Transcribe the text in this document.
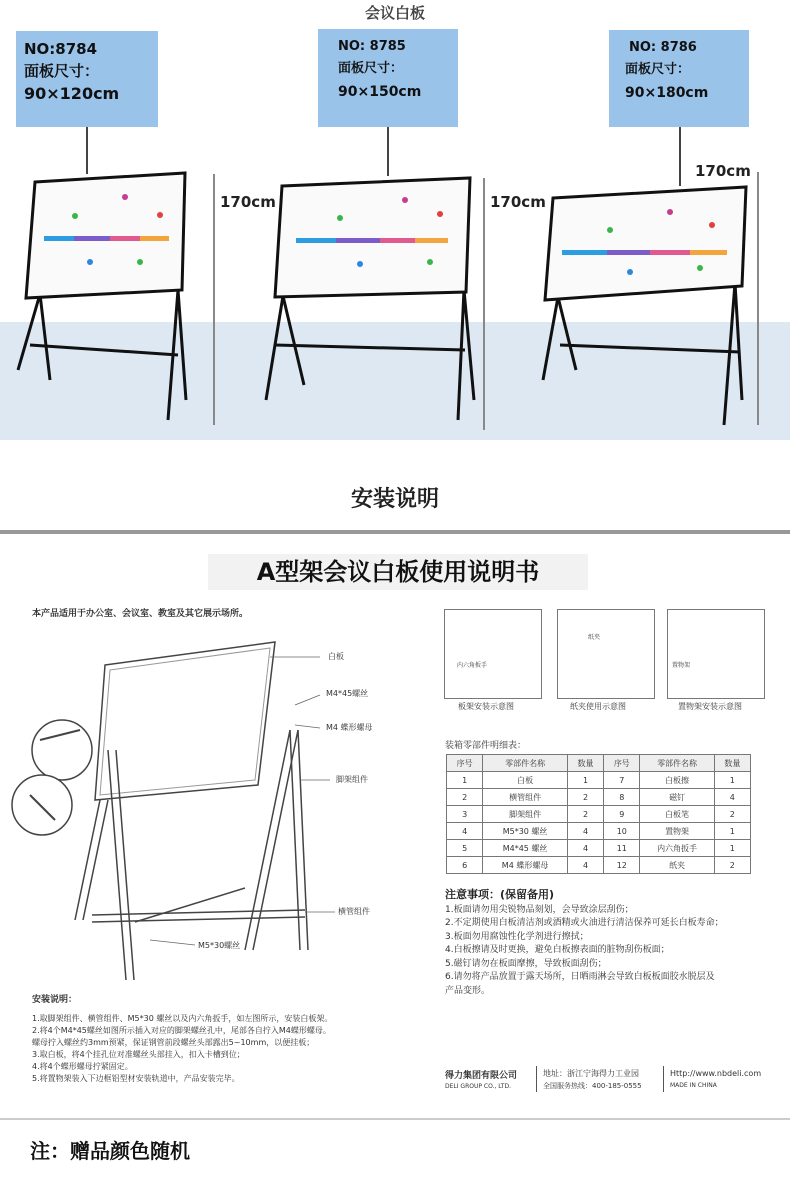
会议白板
NO:8784
面板尺寸：
90×120cm
NO: 8785
面板尺寸：
90×150cm
NO: 8786
面板尺寸：
90×180cm
170cm	170cm
170cm
安装说明
A型架会议白板使用说明书
本产品适用于办公室、会议室、教室及其它展示场所。
白板
M4*45螺丝
M4 蝶形螺母
脚架组件
横管组件
M5*30螺丝
内六角扳手
纸夹
置物架
板架安装示意图	纸夹使用示意图	置物架安装示意图
装箱零部件明细表：
序号	零部件名称	数量	序号	零部件名称	数量
1	白板	1	7	白板擦	1
2	横管组件	2	8	磁钉	4
3	脚架组件	2	9	白板笔	2
4	M5*30 螺丝	4	10	置物架	1
5	M4*45 螺丝	4	11	内六角扳手	1
6	M4 蝶形螺母	4	12	纸夹	2
注意事项：(保留备用)
1.板面请勿用尖锐物品刻划，会导致涂层刮伤；
2.不定期使用白板清洁剂或酒精或火油进行清洁保养可延长白板寿命；
3.板面勿用腐蚀性化学剂进行擦拭；
4.白板擦请及时更换，避免白板擦表面的脏物刮伤板面；
5.磁钉请勿在板面摩擦，导致板面刮伤；
6.请勿将产品放置于露天场所，日晒雨淋会导致白板板面胶水脱层及
产品变形。
安装说明：
1.取脚架组件、横管组件、M5*30 螺丝以及内六角扳手，如左图所示，安装白板架。
2.将4个M4*45螺丝如图所示插入对应的脚架螺丝孔中，尾部各自拧入M4蝶形螺母。
螺母拧入螺丝约3mm预紧，保证钢管前段螺丝头部露出5~10mm，以便挂板；
3.取白板，将4个挂孔位对准螺丝头部挂入，扣入卡槽到位；
4.将4个蝶形螺母拧紧固定。
5.将置物架装入下边框铝型材安装轨道中，产品安装完毕。	得力集团有限公司
DELI GROUP CO., LTD.
地址：浙江宁海得力工业园
全国服务热线：400-185-0555
Http://www.nbdeli.com
MADE IN CHINA
注：赠品颜色随机
